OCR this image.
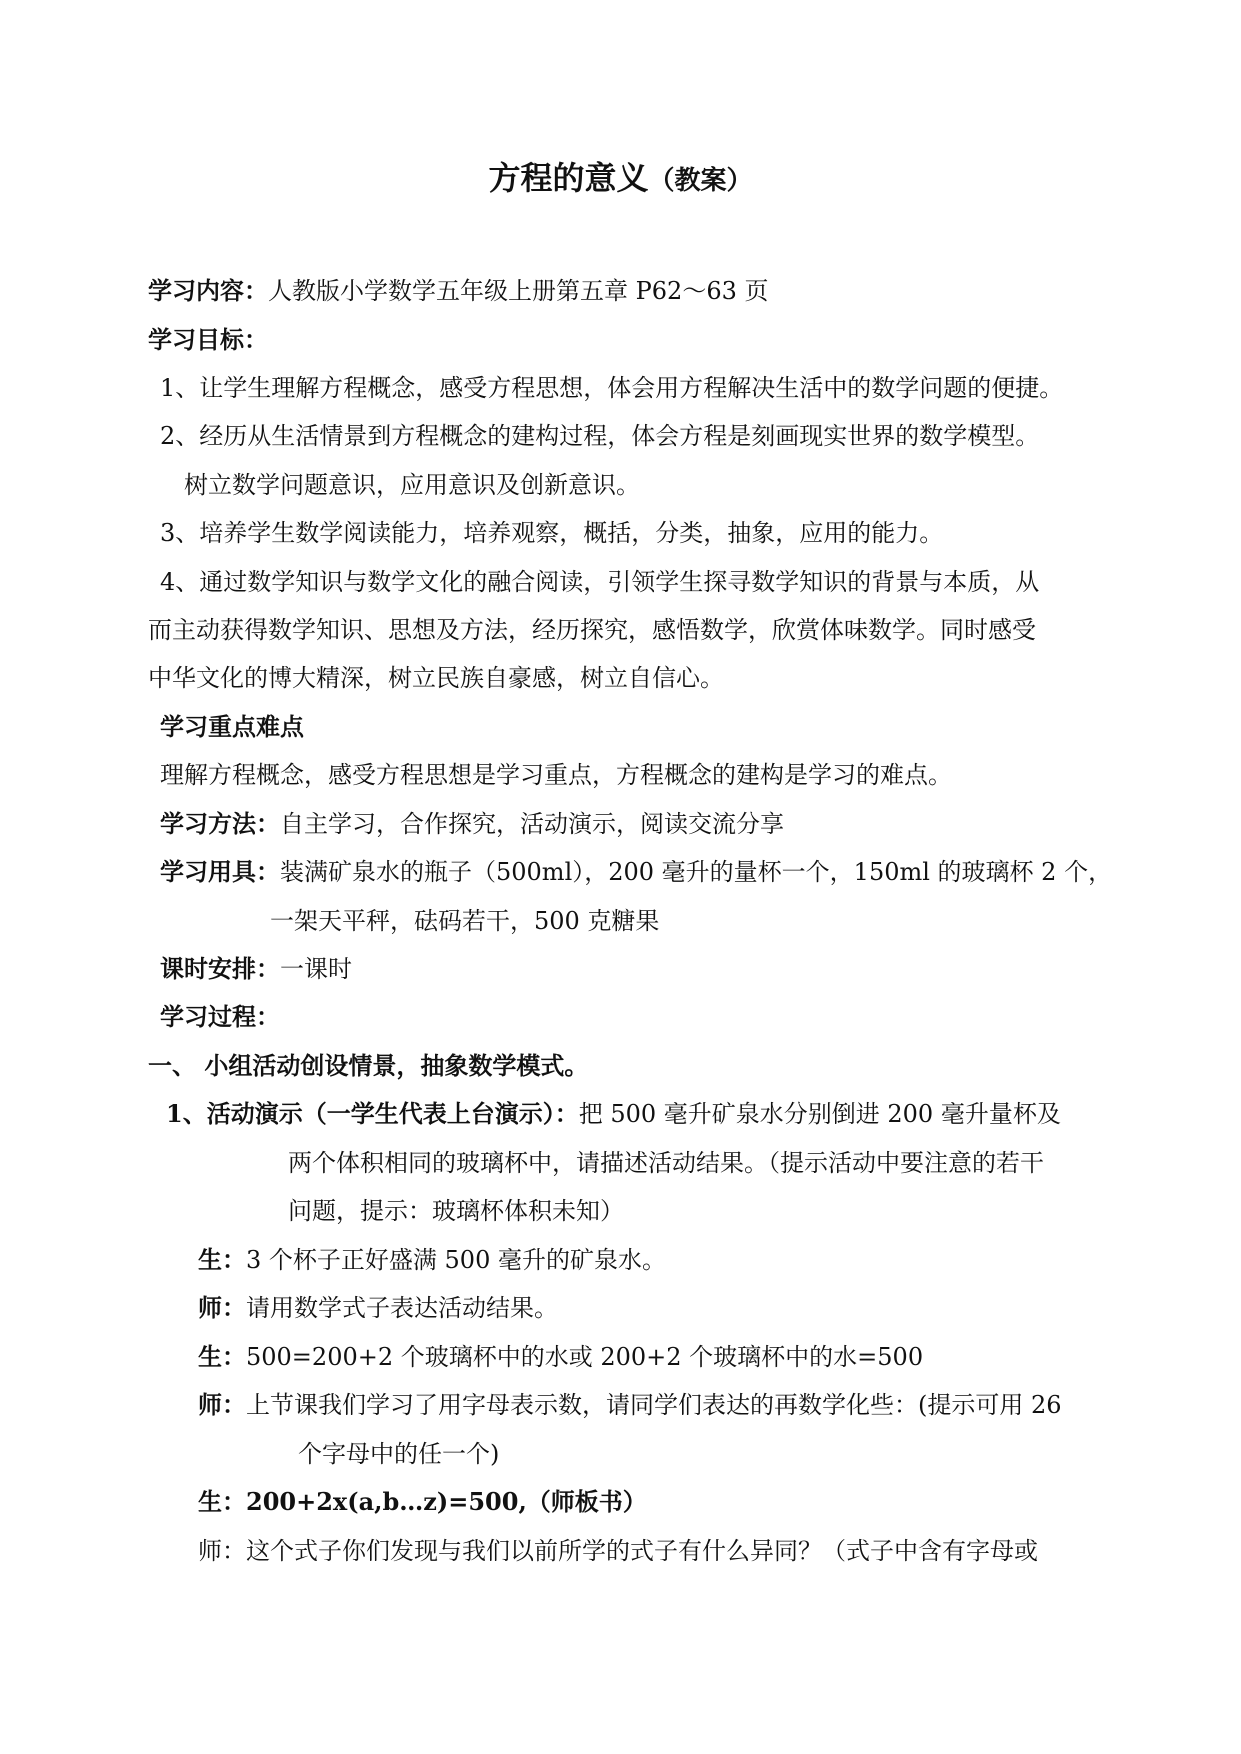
方程的意义（教案）
学习内容：人教版小学数学五年级上册第五章 P62～63 页
学习目标：
1、让学生理解方程概念，感受方程思想，体会用方程解决生活中的数学问题的便捷。
2、经历从生活情景到方程概念的建构过程，体会方程是刻画现实世界的数学模型。
树立数学问题意识，应用意识及创新意识。
3、培养学生数学阅读能力，培养观察，概括，分类，抽象，应用的能力。
4、通过数学知识与数学文化的融合阅读，引领学生探寻数学知识的背景与本质，从
而主动获得数学知识、思想及方法，经历探究，感悟数学，欣赏体味数学。同时感受
中华文化的博大精深，树立民族自豪感，树立自信心。
学习重点难点
理解方程概念，感受方程思想是学习重点，方程概念的建构是学习的难点。
学习方法：自主学习，合作探究，活动演示，阅读交流分享
学习用具：装满矿泉水的瓶子（500ml），200 毫升的量杯一个，150ml 的玻璃杯 2 个，
一架天平秤，砝码若干，500 克糖果
课时安排：一课时
学习过程：
一、 小组活动创设情景，抽象数学模式。
1、活动演示（一学生代表上台演示）：把 500 毫升矿泉水分别倒进 200 毫升量杯及
两个体积相同的玻璃杯中，请描述活动结果。（提示活动中要注意的若干
问题，提示：玻璃杯体积未知）
生：3 个杯子正好盛满 500 毫升的矿泉水。
师：请用数学式子表达活动结果。
生：500=200+2 个玻璃杯中的水或 200+2 个玻璃杯中的水=500
师：上节课我们学习了用字母表示数，请同学们表达的再数学化些：(提示可用 26
个字母中的任一个)
生：200+2x(a,b…z)=500,（师板书）
师：这个式子你们发现与我们以前所学的式子有什么异同？（式子中含有字母或
